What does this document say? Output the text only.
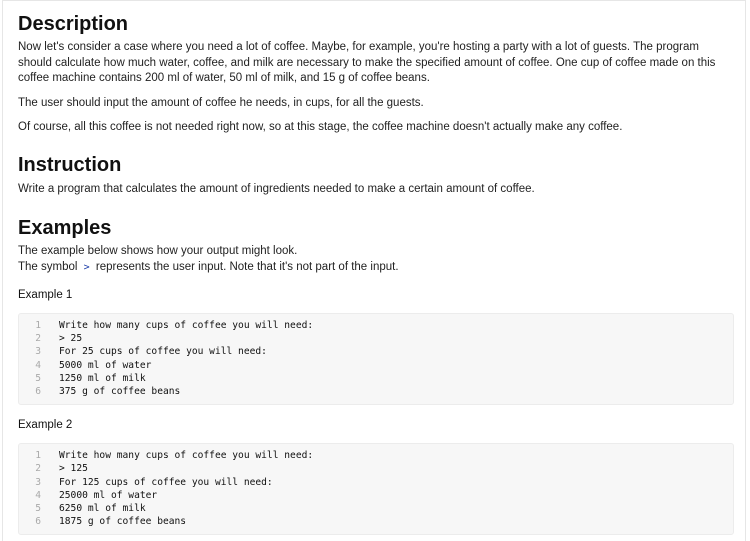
Description

Now let's consider a case where you need a lot of coffee. Maybe, for example, you're hosting a party with a lot of guests. The program should calculate how much water, coffee, and milk are necessary to make the specified amount of coffee. One cup of coffee made on this coffee machine contains 200 ml of water, 50 ml of milk, and 15 g of coffee beans.

The user should input the amount of coffee he needs, in cups, for all the guests.

Of course, all this coffee is not needed right now, so at this stage, the coffee machine doesn't actually make any coffee.

Instruction

Write a program that calculates the amount of ingredients needed to make a certain amount of coffee.

Examples

The example below shows how your output might look.

The symbol > represents the user input. Note that it's not part of the input.

Example 1
1	Write how many cups of coffee you will need:
2	> 25
3	For 25 cups of coffee you will need:
4	5000 ml of water
5	1250 ml of milk
6	375 g of coffee beans
Example 2
1	Write how many cups of coffee you will need:
2	> 125
3	For 125 cups of coffee you will need:
4	25000 ml of water
5	6250 ml of milk
6	1875 g of coffee beans
